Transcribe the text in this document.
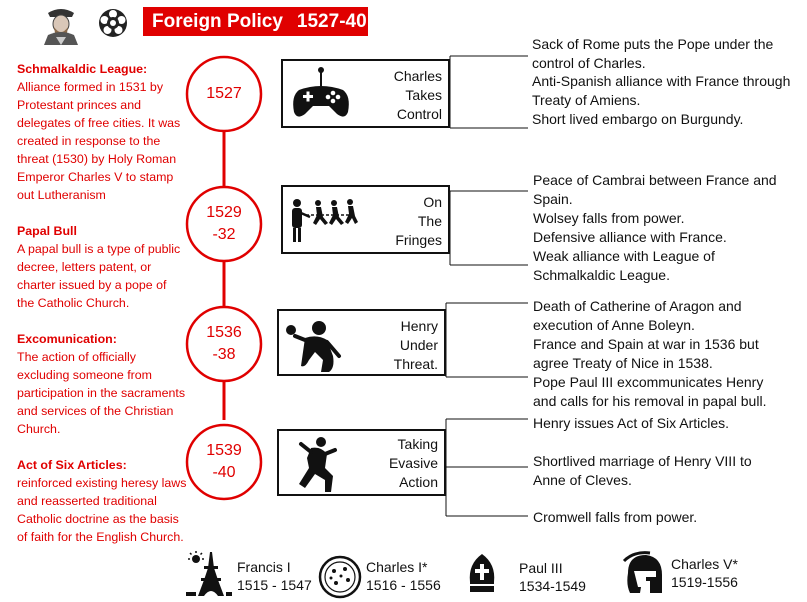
Foreign Policy 1527-40
Schmalkaldic League:
Alliance formed in 1531 by Protestant princes and delegates of free cities. It was created in response to the threat (1530) by Holy Roman Emperor Charles V to stamp out Lutheranism
Papal Bull
A papal bull is a type of public decree, letters patent, or charter issued by a pope of the Catholic Church.
Excomunication:
The action of officially excluding someone from participation in the sacraments and services of the Christian Church.
Act of Six Articles:
reinforced existing heresy laws and reasserted traditional Catholic doctrine as the basis of faith for the English Church.
1527
1529
-32
1536
-38
1539
-40
Charles
Takes
Control
On
The
Fringes
Henry
Under
Threat.
Taking
Evasive
Action
Sack of Rome puts the Pope under the control of Charles.
Anti-Spanish alliance with France through Treaty of Amiens.
Short lived embargo on Burgundy.
Peace of Cambrai between France and Spain.
Wolsey falls from power.
Defensive alliance with France.
Weak alliance with League of Schmalkaldic League.
Death of Catherine of Aragon and execution of Anne Boleyn.
France and Spain at war in 1536 but agree Treaty of Nice in 1538.
Pope Paul III excommunicates Henry and calls for his removal in papal bull.
Henry issues Act of Six Articles.
Shortlived marriage of Henry VIII to Anne of Cleves.
Cromwell falls from power.
Francis I
1515 - 1547
Charles I*
1516 - 1556
Paul III
1534-1549
Charles V*
1519-1556
